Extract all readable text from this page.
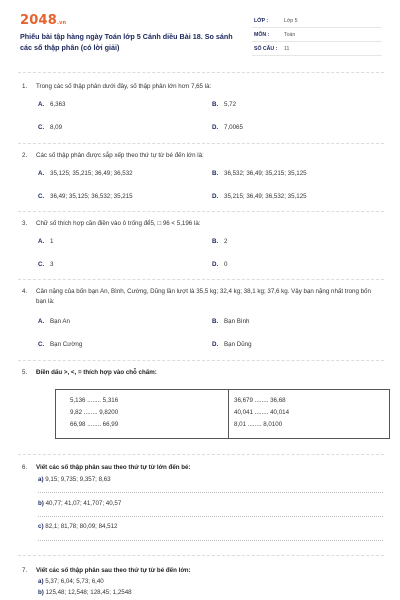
2048.vn
Phiếu bài tập hàng ngày Toán lớp 5 Cánh diều Bài 18. So sánh các số thập phân (có lời giải)
LỚP :	Lớp 5
MÔN :	Toán
SỐ CÂU : 11
1. Trong các số thập phân dưới đây, số thập phân lớn hơn 7,65 là:
A. 6,363	B. 5,72
C. 8,09	D. 7,0065
2. Các số thập phân được sắp xếp theo thứ tự từ bé đến lớn là:
A. 35,125; 35,215; 36,49; 36,532	B. 36,532; 36,49; 35,215; 35,125
C. 36,49; 35,125; 36,532; 35,215	D. 35,215; 36,49; 36,532; 35,125
3. Chữ số thích hợp cần điền vào ô trống để5, □ 96 < 5,196 là:
A. 1	B. 2
C. 3	D. 0
4. Cân nặng của bốn bạn An, Bình, Cường, Dũng lần lượt là 35,5 kg; 32,4 kg; 38,1 kg; 37,6 kg. Vậy bạn nặng nhất trong bốn bạn là:
A. Bạn An	B. Bạn Bình
C. Bạn Cường	D. Bạn Dũng
5. Điền dấu >, <, = thích hợp vào chỗ chấm:
5,136 ........ 5,316
9,82 ........ 9,8200
66,98 ........ 66,99
36,679 ........ 36,68
40,041 ........ 40,014
8,01 ........ 8,0100
6. Viết các số thập phân sau theo thứ tự từ lớn đến bé:
a) 9,15; 9,735; 9,357; 8,63
b) 40,77; 41,07; 41,707; 40,57
c) 82,1; 81,78; 80,09; 84,512
7. Viết các số thập phân sau theo thứ tự từ bé đến lớn:
a) 5,37; 6,04; 5,73; 6,40
b) 125,48; 12,548; 128,45; 1,2548
